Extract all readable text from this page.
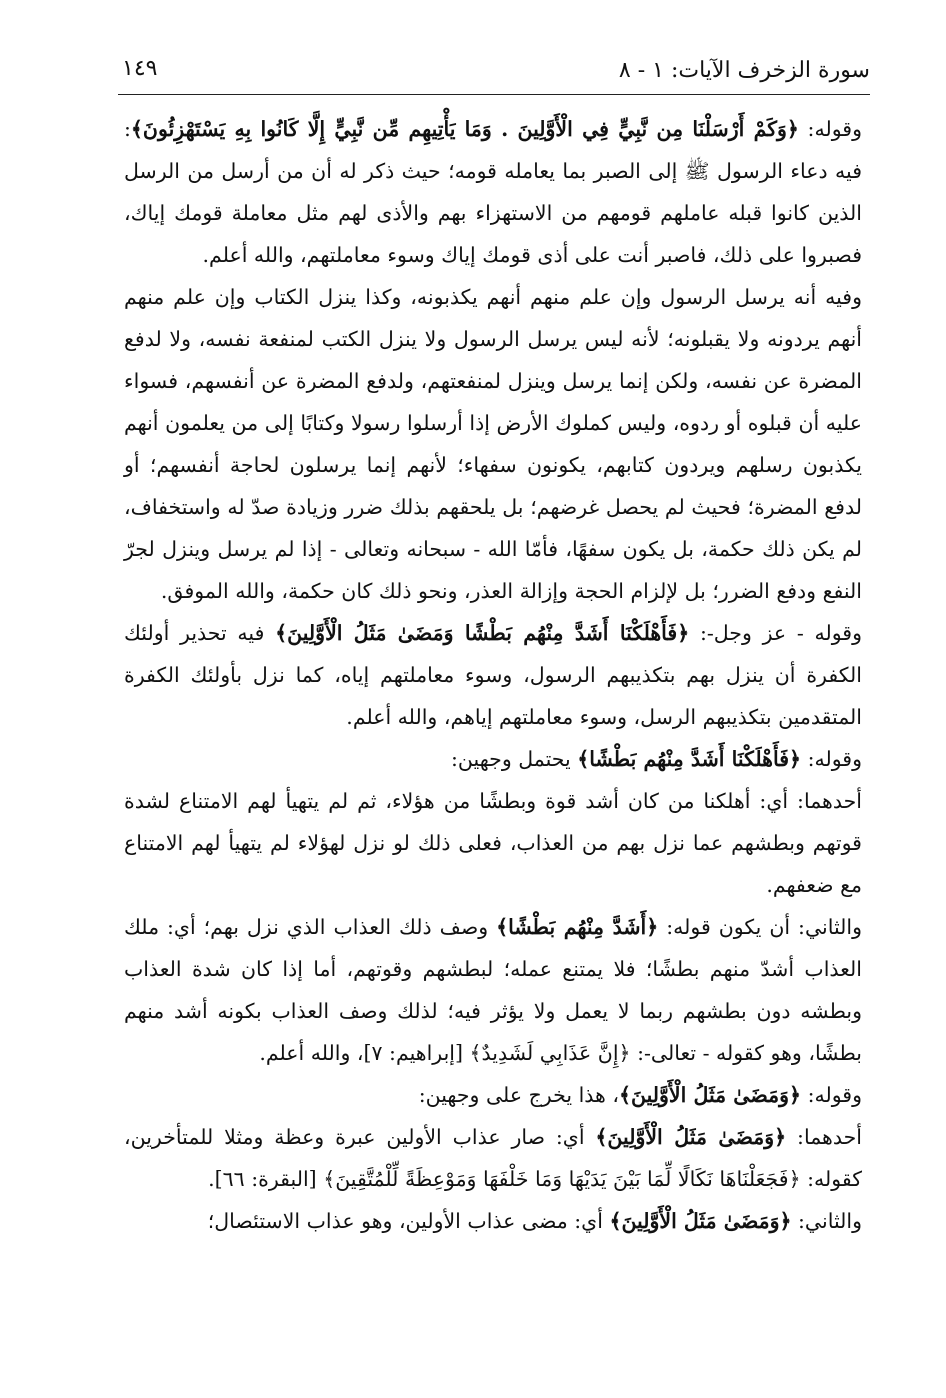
سورة الزخرف الآيات: ١ - ٨
١٤٩

وقوله: ﴿وَكَمْ أَرْسَلْنَا مِن نَّبِيٍّ فِي الْأَوَّلِينَ . وَمَا يَأْتِيهِم مِّن نَّبِيٍّ إِلَّا كَانُوا بِهِ يَسْتَهْزِئُونَ﴾: فيه دعاء الرسول ﷺ إلى الصبر بما يعامله قومه؛ حيث ذكر له أن من أرسل من الرسل الذين كانوا قبله عاملهم قومهم من الاستهزاء بهم والأذى لهم مثل معاملة قومك إياك، فصبروا على ذلك، فاصبر أنت على أذى قومك إياك وسوء معاملتهم، والله أعلم.

وفيه أنه يرسل الرسول وإن علم منهم أنهم يكذبونه، وكذا ينزل الكتاب وإن علم منهم أنهم يردونه ولا يقبلونه؛ لأنه ليس يرسل الرسول ولا ينزل الكتب لمنفعة نفسه، ولا لدفع المضرة عن نفسه، ولكن إنما يرسل وينزل لمنفعتهم، ولدفع المضرة عن أنفسهم، فسواء عليه أن قبلوه أو ردوه، وليس كملوك الأرض إذا أرسلوا رسولا وكتابًا إلى من يعلمون أنهم يكذبون رسلهم ويردون كتابهم، يكونون سفهاء؛ لأنهم إنما يرسلون لحاجة أنفسهم؛ أو لدفع المضرة؛ فحيث لم يحصل غرضهم؛ بل يلحقهم بذلك ضرر وزيادة صدّ له واستخفاف، لم يكن ذلك حكمة، بل يكون سفهًا، فأمّا الله - سبحانه وتعالى - إذا لم يرسل وينزل لجرّ النفع ودفع الضرر؛ بل لإلزام الحجة وإزالة العذر، ونحو ذلك كان حكمة، والله الموفق.

وقوله - عز وجل-: ﴿فَأَهْلَكْنَا أَشَدَّ مِنْهُم بَطْشًا وَمَضَىٰ مَثَلُ الْأَوَّلِينَ﴾ فيه تحذير أولئك الكفرة أن ينزل بهم بتكذيبهم الرسول، وسوء معاملتهم إياه، كما نزل بأولئك الكفرة المتقدمين بتكذيبهم الرسل، وسوء معاملتهم إياهم، والله أعلم.

وقوله: ﴿فَأَهْلَكْنَا أَشَدَّ مِنْهُم بَطْشًا﴾ يحتمل وجهين:

أحدهما: أي: أهلكنا من كان أشد قوة وبطشًا من هؤلاء، ثم لم يتهيأ لهم الامتناع لشدة قوتهم وبطشهم عما نزل بهم من العذاب، فعلى ذلك لو نزل لهؤلاء لم يتهيأ لهم الامتناع مع ضعفهم.

والثاني: أن يكون قوله: ﴿أَشَدَّ مِنْهُم بَطْشًا﴾ وصف ذلك العذاب الذي نزل بهم؛ أي: ملك العذاب أشدّ منهم بطشًا؛ فلا يمتنع عمله؛ لبطشهم وقوتهم، أما إذا كان شدة العذاب وبطشه دون بطشهم ربما لا يعمل ولا يؤثر فيه؛ لذلك وصف العذاب بكونه أشد منهم بطشًا، وهو كقوله - تعالى-: ﴿إِنَّ عَذَابِي لَشَدِيدٌ﴾ [إبراهيم: ٧]، والله أعلم.

وقوله: ﴿وَمَضَىٰ مَثَلُ الْأَوَّلِينَ﴾، هذا يخرج على وجهين:

أحدهما: ﴿وَمَضَىٰ مَثَلُ الْأَوَّلِينَ﴾ أي: صار عذاب الأولين عبرة وعظة ومثلا للمتأخرين، كقوله: ﴿فَجَعَلْنَاهَا نَكَالًا لِّمَا بَيْنَ يَدَيْهَا وَمَا خَلْفَهَا وَمَوْعِظَةً لِّلْمُتَّقِينَ﴾ [البقرة: ٦٦].

والثاني: ﴿وَمَضَىٰ مَثَلُ الْأَوَّلِينَ﴾ أي: مضى عذاب الأولين، وهو عذاب الاستئصال؛
